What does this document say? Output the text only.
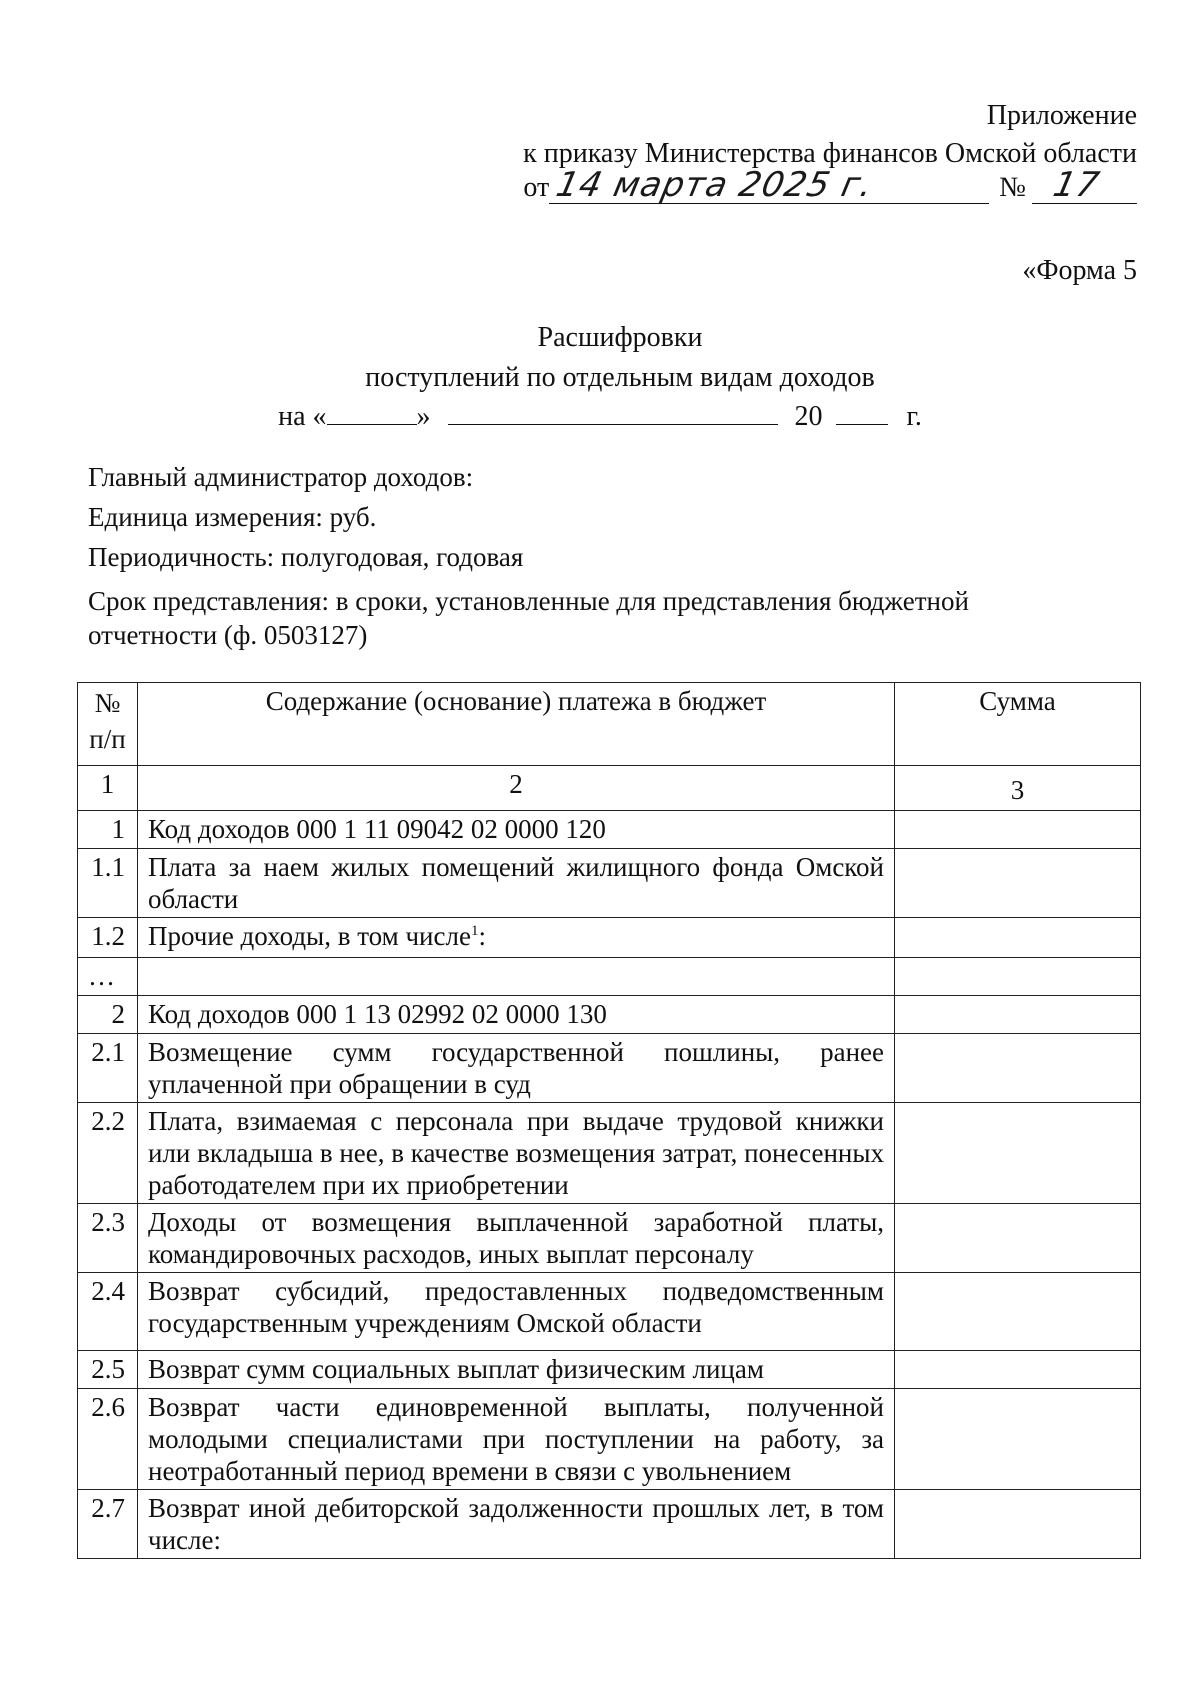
Приложение
к приказу Министерства финансов Омской области
от 14 марта 2025 г.	№ 17
«Форма 5
Расшифровки
поступлений по отдельным видам доходов
на «	»	20	г.
Главный администратор доходов:
Единица измерения: руб.
Периодичность: полугодовая, годовая
Срок представления: в сроки, установленные для представления бюджетной отчетности (ф. 0503127)
№ п/п	Содержание (основание) платежа в бюджет	Сумма
1	2	3
1	Код доходов 000 1 11 09042 02 0000 120	
1.1	Плата за наем жилых помещений жилищного фонда Омской области	
1.2	Прочие доходы, в том числе$^1$:	
…		
2	Код доходов 000 1 13 02992 02 0000 130	
2.1	Возмещение сумм государственной пошлины, ранее уплаченной при обращении в суд	
2.2	Плата, взимаемая с персонала при выдаче трудовой книжки или вкладыша в нее, в качестве возмещения затрат, понесенных работодателем при их приобретении	
2.3	Доходы от возмещения выплаченной заработной платы, командировочных расходов, иных выплат персоналу	
2.4	Возврат субсидий, предоставленных подведомственным государственным учреждениям Омской области	
2.5	Возврат сумм социальных выплат физическим лицам	
2.6	Возврат части единовременной выплаты, полученной молодыми специалистами при поступлении на работу, за неотработанный период времени в связи с увольнением	
2.7	Возврат иной дебиторской задолженности прошлых лет, в том числе:	
